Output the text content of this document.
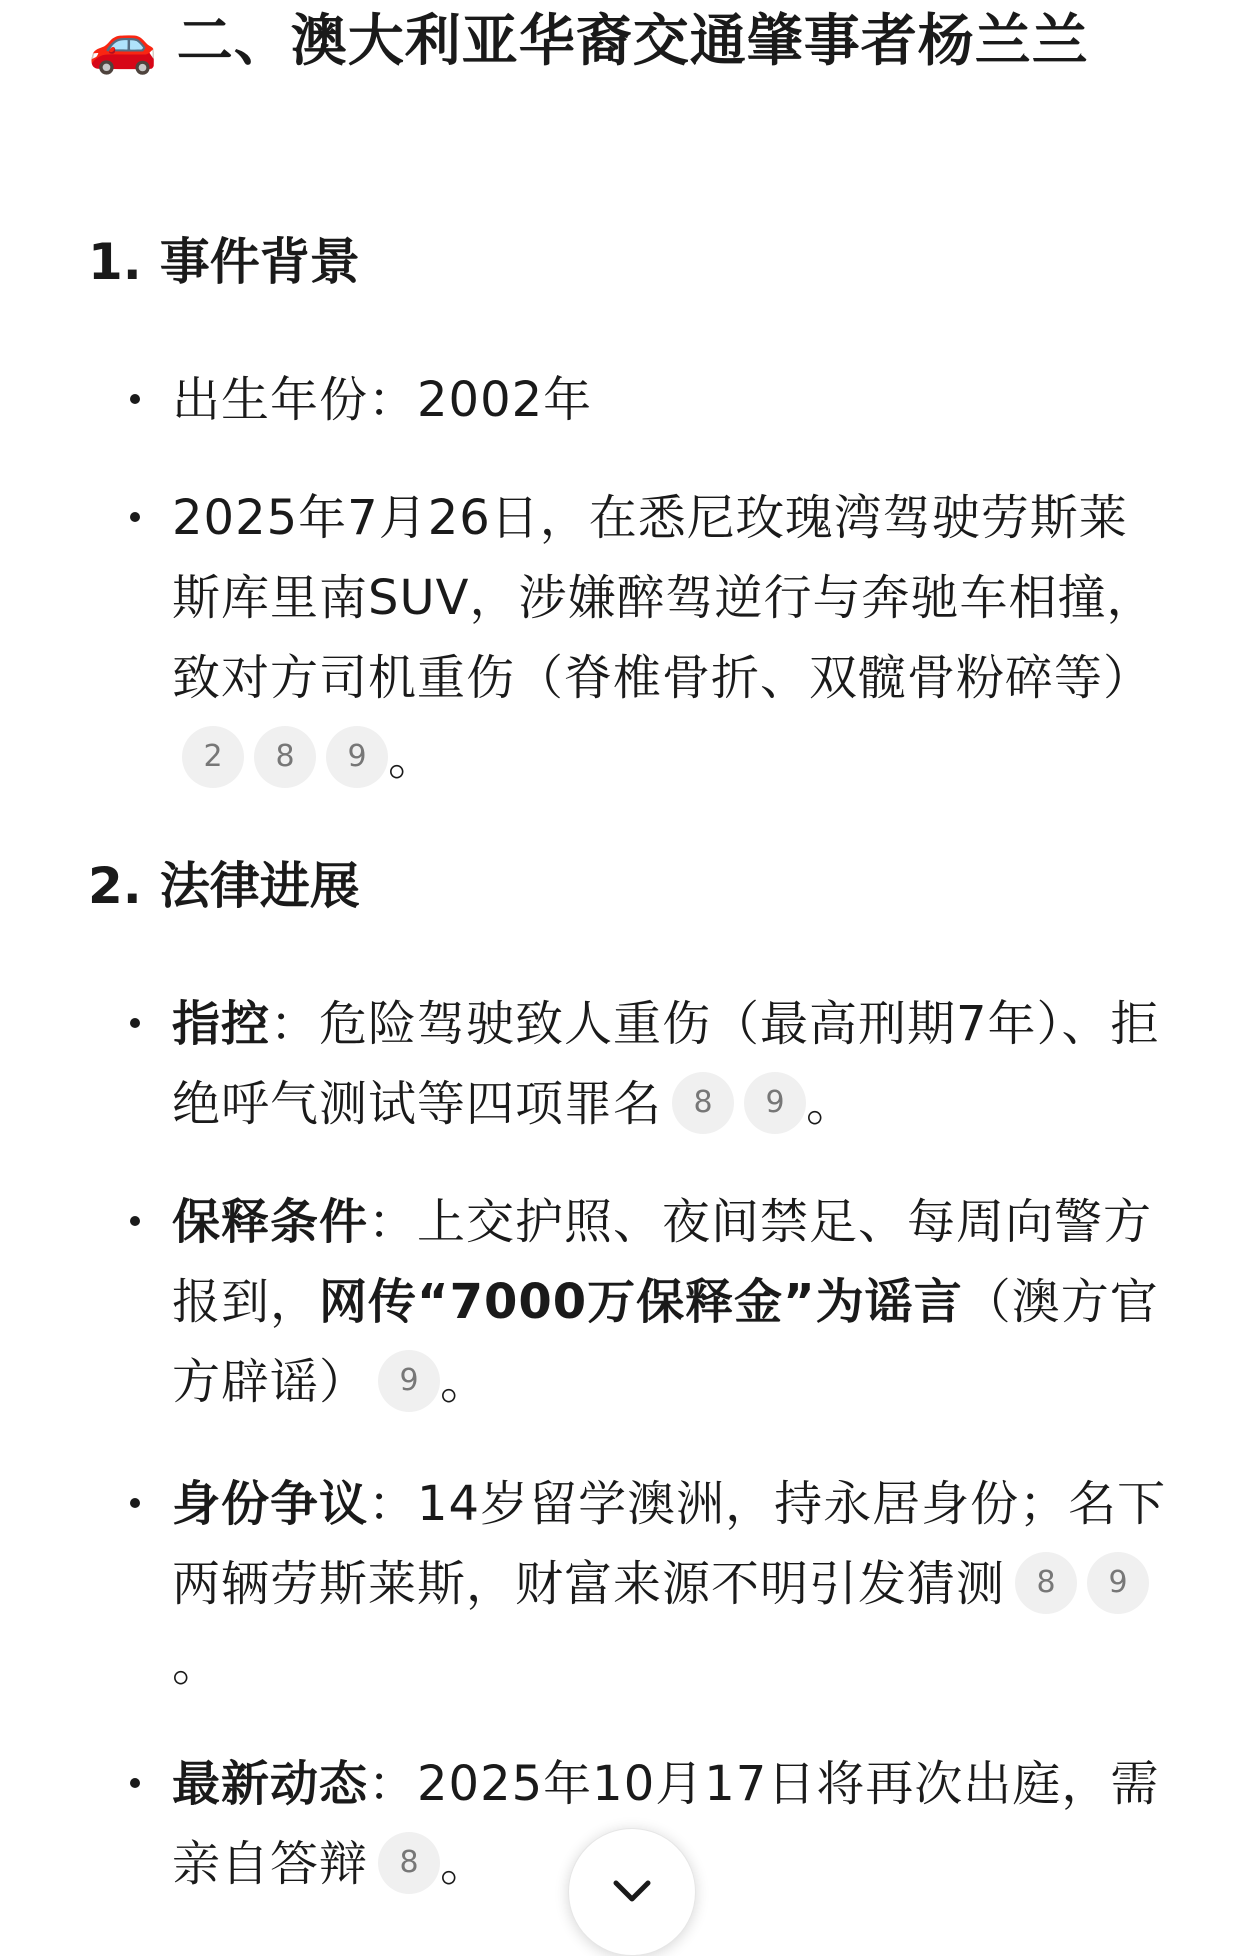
🚗 二、澳大利亚华裔交通肇事者杨兰兰
1. 事件背景
出生年份：2002年
2025年7月26日，在悉尼玫瑰湾驾驶劳斯莱斯库里南SUV，涉嫌醉驾逆行与奔驰车相撞，致对方司机重伤（脊椎骨折、双髋骨粉碎等）2 8 9 。
2. 法律进展
指控：危险驾驶致人重伤（最高刑期7年）、拒绝呼气测试等四项罪名 8 9 。
保释条件：上交护照、夜间禁足、每周向警方报到，网传“7000万保释金”为谣言（澳方官方辟谣） 9 。
身份争议：14岁留学澳洲，持永居身份；名下两辆劳斯莱斯，财富来源不明引发猜测 8 9。
最新动态：2025年10月17日将再次出庭，需亲自答辩 8 。
